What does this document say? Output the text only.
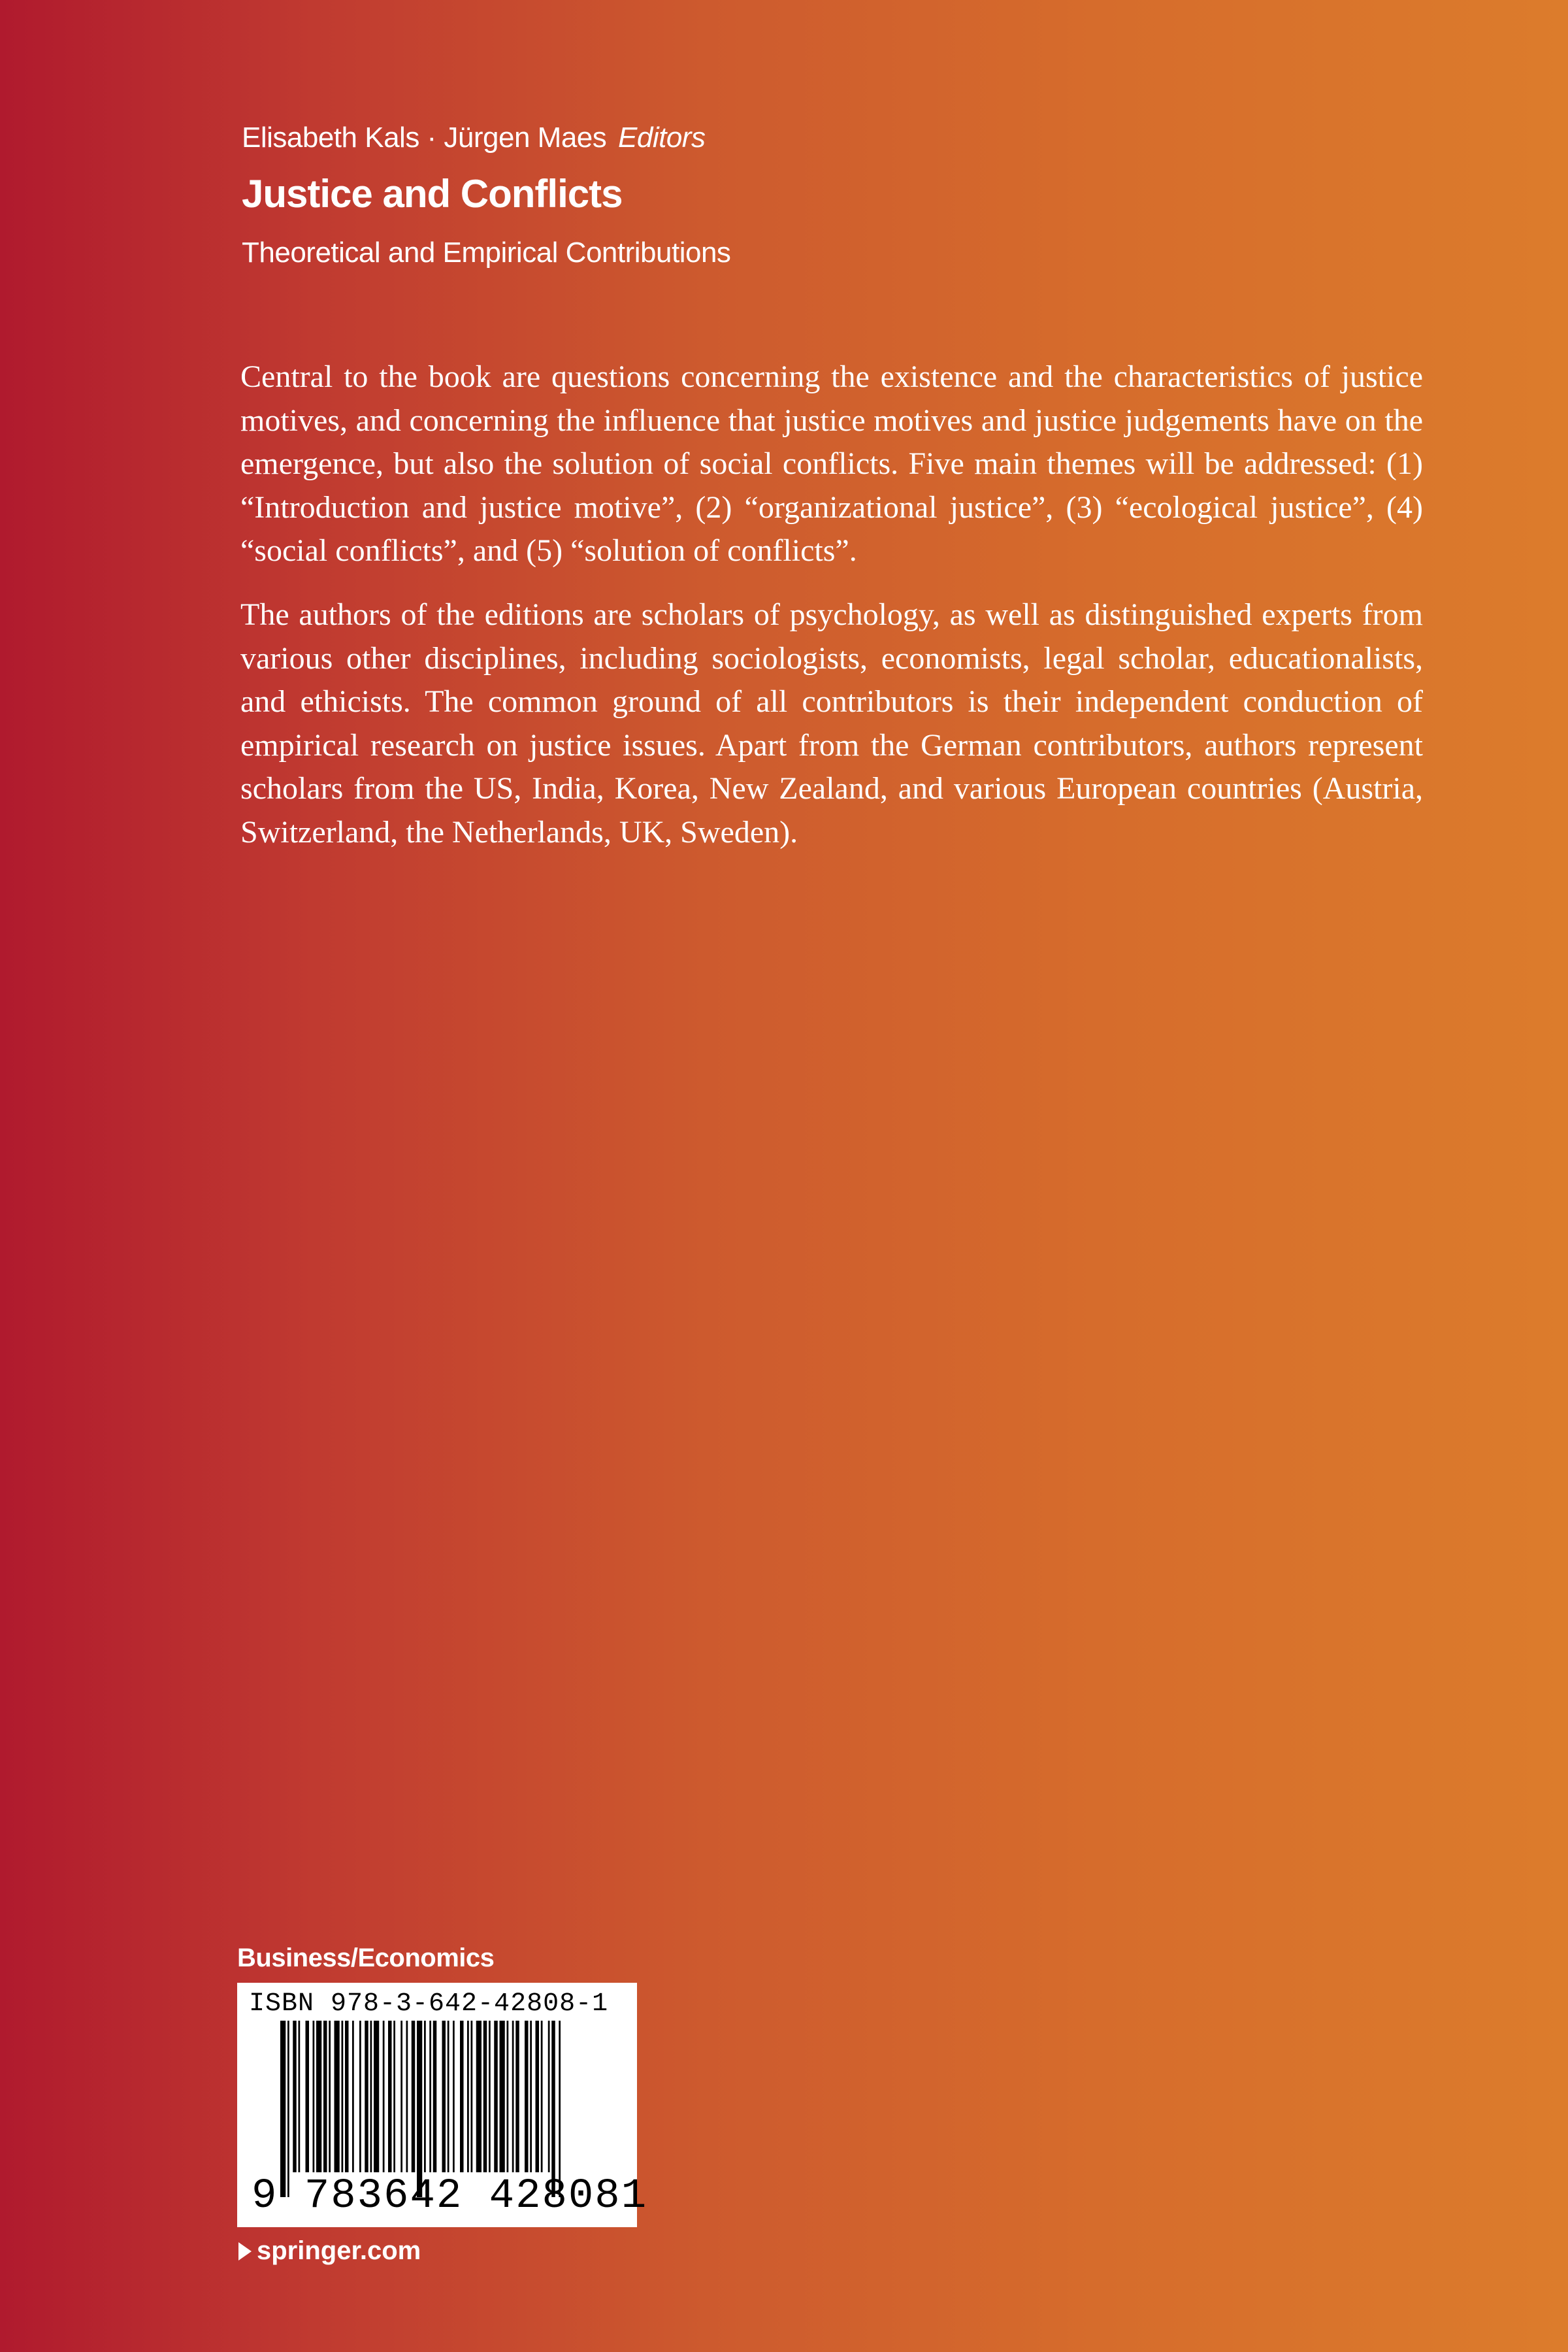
Elisabeth Kals · Jürgen Maes Editors
Justice and Conflicts
Theoretical and Empirical Contributions

Central to the book are questions concerning the existence and the characteristics of justice motives, and concerning the influence that justice motives and justice judgements have on the emergence, but also the solution of social conflicts. Five main themes will be addressed: (1) “Introduction and justice motive”, (2) “organizational justice”, (3) “ecological justice”, (4) “social conflicts”, and (5) “solution of conflicts”.

The authors of the editions are scholars of psychology, as well as distinguished experts from various other disciplines, including sociologists, economists, legal scholar, educationalists, and ethicists. The common ground of all contributors is their independent conduction of empirical research on justice issues. Apart from the German contributors, authors represent scholars from the US, India, Korea, New Zealand, and various European countries (Austria, Switzerland, the Netherlands, UK, Sweden).

Business/Economics
ISBN 978-3-642-42808-1
9 783642 428081
springer.com
